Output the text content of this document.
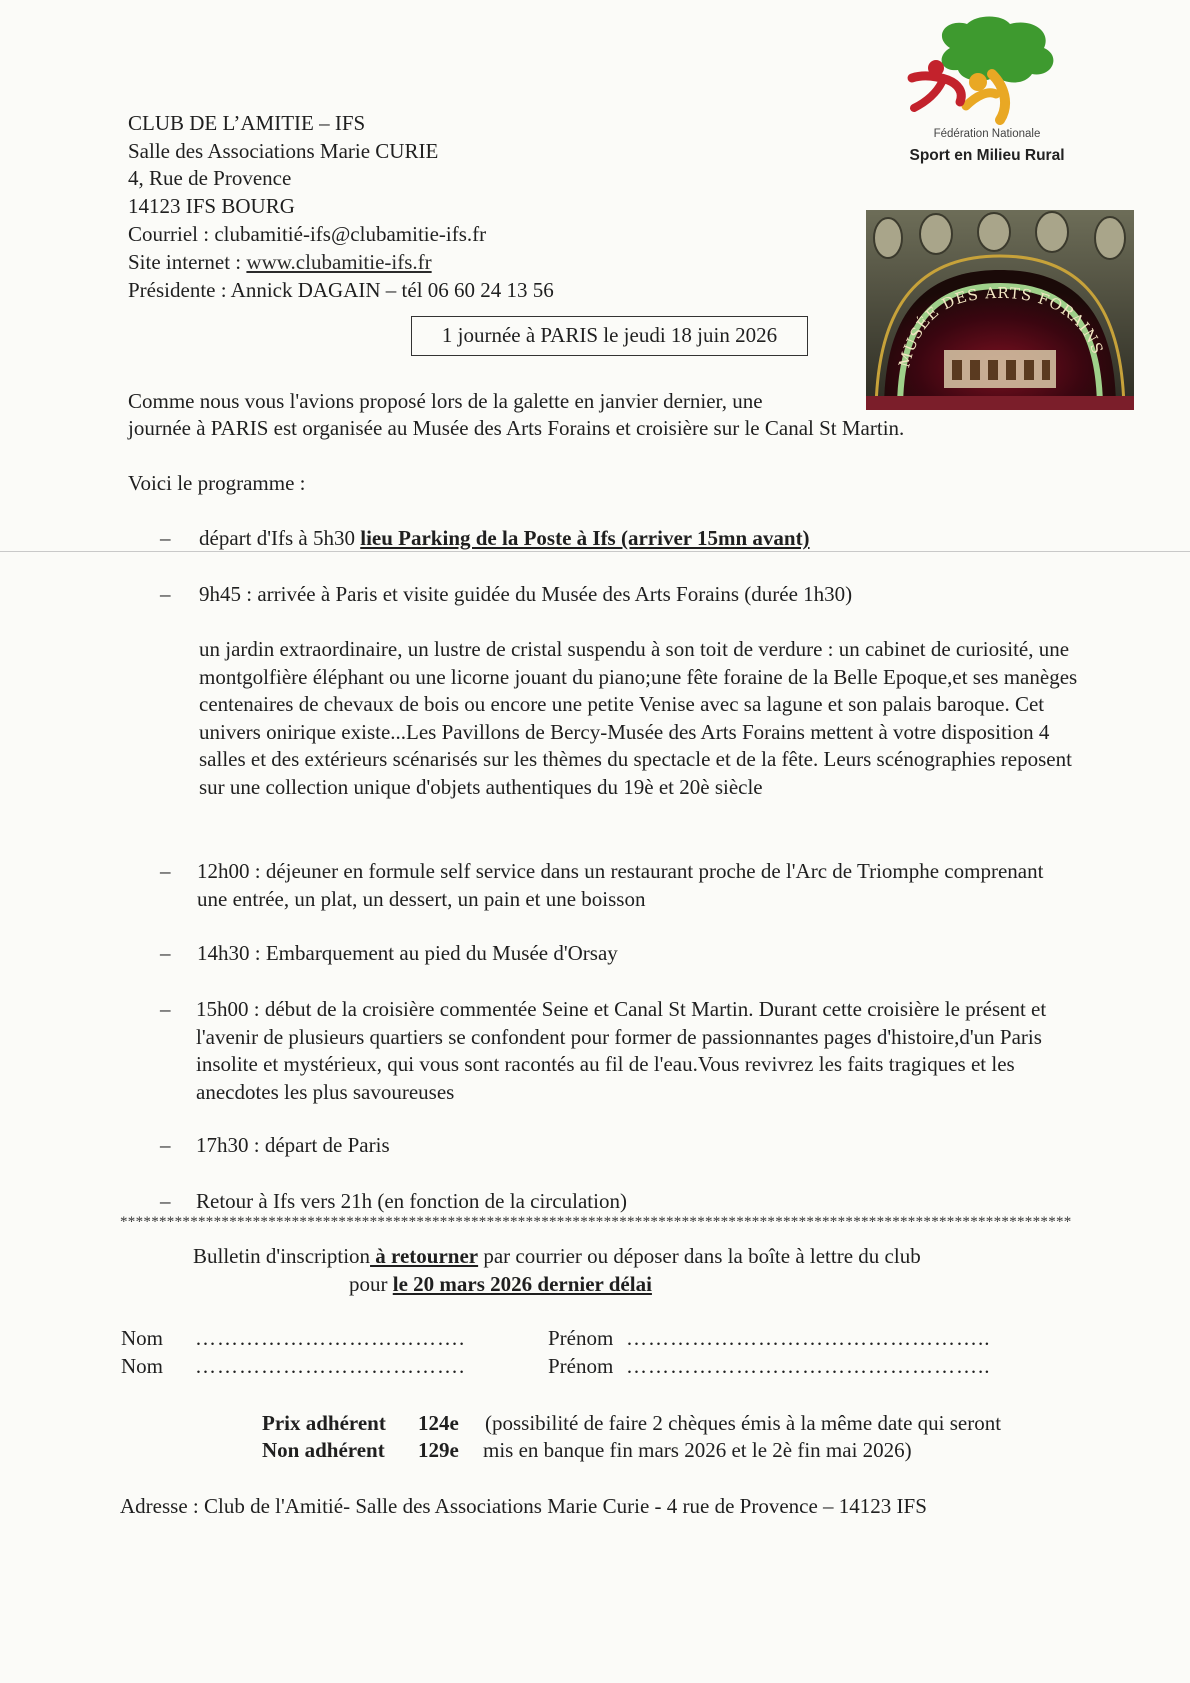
CLUB DE L’AMITIE – IFS
Salle des Associations Marie CURIE
4, Rue de Provence
14123 IFS BOURG
Courriel : clubamitié-ifs@clubamitie-ifs.fr
Site internet : www.clubamitie-ifs.fr
Présidente : Annick DAGAIN – tél 06 60 24 13 56
Fédération Nationale
Sport en Milieu Rural
MUSÉE DES ARTS FORAINS
1 journée à PARIS le jeudi 18 juin 2026
Comme nous vous l'avions proposé lors de la galette en janvier dernier, une
journée à PARIS est organisée au Musée des Arts Forains et croisière sur le Canal St Martin.
Voici le programme :
– départ d'Ifs à 5h30 lieu Parking de la Poste à Ifs (arriver 15mn avant)
– 9h45 : arrivée à Paris et visite guidée du Musée des Arts Forains (durée 1h30)
un jardin extraordinaire, un lustre de cristal suspendu à son toit de verdure : un cabinet de curiosité, une montgolfière éléphant ou une licorne jouant du piano;une fête foraine de la Belle Epoque,et ses manèges centenaires de chevaux de bois ou encore une petite Venise avec sa lagune et son palais baroque. Cet univers onirique existe...Les Pavillons de Bercy-Musée des Arts Forains mettent à votre disposition 4 salles et des extérieurs scénarisés sur les thèmes du spectacle et de la fête. Leurs scénographies reposent sur une collection unique d'objets authentiques du 19è et 20è siècle
– 12h00 : déjeuner en formule self service dans un restaurant proche de l'Arc de Triomphe comprenant une entrée, un plat, un dessert, un pain et une boisson
– 14h30 : Embarquement au pied du Musée d'Orsay
– 15h00 : début de la croisière commentée Seine et Canal St Martin. Durant cette croisière le présent et l'avenir de plusieurs quartiers se confondent pour former de passionnantes pages d'histoire,d'un Paris insolite et mystérieux, qui vous sont racontés au fil de l'eau.Vous revivrez les faits tragiques et les anecdotes les plus savoureuses
– 17h30 : départ de Paris
– Retour à Ifs vers 21h (en fonction de la circulation)
**************************************************************************************************************************
Bulletin d'inscription à retourner par courrier ou déposer dans la boîte à lettre du club
pour le 20 mars 2026 dernier délai
Nom ……………………………….	Prénom …………………………………………..
Nom ……………………………….	Prénom …………………………………………..
Prix adhérent 124e
Non adhérent 129e
(possibilité de faire 2 chèques émis à la même date qui seront
mis en banque fin mars 2026 et le 2è fin mai 2026)
Adresse : Club de l'Amitié- Salle des Associations Marie Curie - 4 rue de Provence – 14123 IFS
